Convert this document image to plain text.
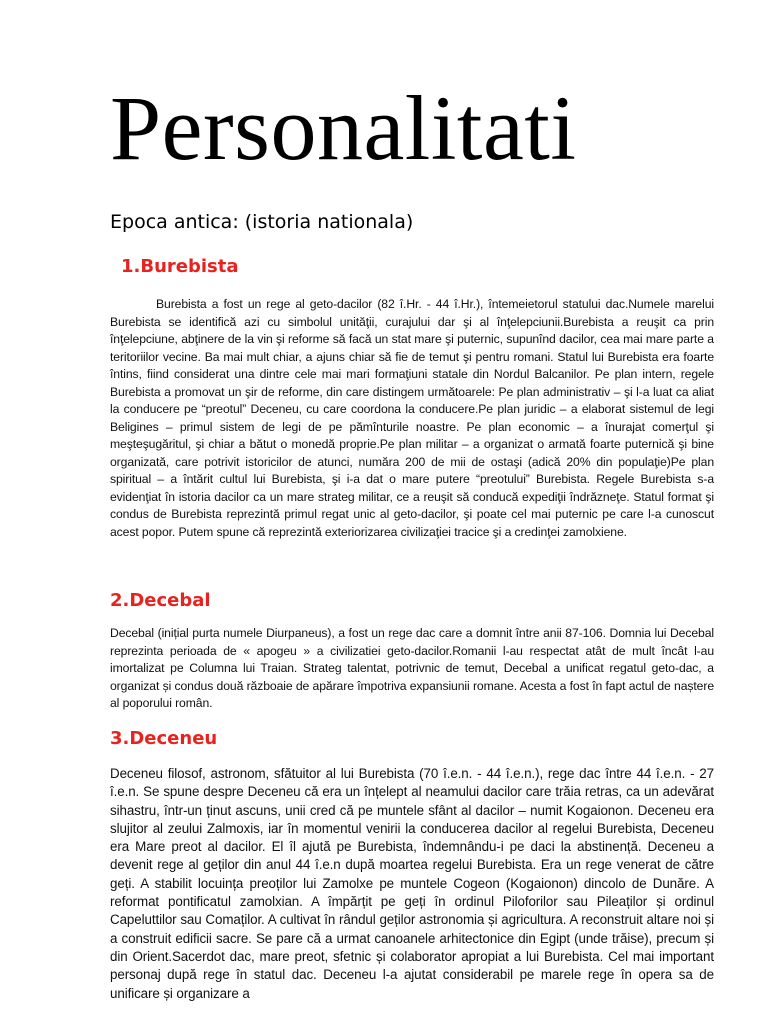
Personalitati
Epoca antica: (istoria nationala)
1.Burebista

Burebista a fost un rege al geto-dacilor (82 î.Hr. - 44 î.Hr.), întemeietorul statului dac.Numele marelui Burebista se identifică azi cu simbolul unităţii, curajului dar şi al înţelepciunii.Burebista a reuşit ca prin înţelepciune, abţinere de la vin şi reforme să facă un stat mare şi puternic, supunînd dacilor, cea mai mare parte a teritoriilor vecine. Ba mai mult chiar, a ajuns chiar să fie de temut şi pentru romani. Statul lui Burebista era foarte întins, fiind considerat una dintre cele mai mari formaţiuni statale din Nordul Balcanilor. Pe plan intern, regele Burebista a promovat un şir de reforme, din care distingem următoarele: Pe plan administrativ – şi l-a luat ca aliat la conducere pe “preotul” Deceneu, cu care coordona la conducere.Pe plan juridic – a elaborat sistemul de legi Beligines – primul sistem de legi de pe pămînturile noastre. Pe plan economic – a înurajat comerţul şi meşteşugăritul, şi chiar a bătut o monedă proprie.Pe plan militar – a organizat o armată foarte puternică şi bine organizată, care potrivit istoricilor de atunci, număra 200 de mii de ostaşi (adică 20% din populaţie)Pe plan spiritual – a întărit cultul lui Burebista, şi i-a dat o mare putere “preotului” Burebista. Regele Burebista s-a evidenţiat în istoria dacilor ca un mare strateg militar, ce a reuşit să conducă expediţii îndrăzneţe. Statul format şi condus de Burebista reprezintă primul regat unic al geto-dacilor, şi poate cel mai puternic pe care l-a cunoscut acest popor. Putem spune că reprezintă exteriorizarea civilizaţiei tracice şi a credinţei zamolxiene.

2.Decebal

Decebal (inițial purta numele Diurpaneus), a fost un rege dac care a domnit între anii 87-106. Domnia lui Decebal reprezinta perioada de « apogeu » a civilizatiei geto-dacilor.Romanii l-au respectat atât de mult încât l-au imortalizat pe Columna lui Traian. Strateg talentat, potrivnic de temut, Decebal a unificat regatul geto-dac, a organizat și condus două războaie de apărare împotriva expansiunii romane. Acesta a fost în fapt actul de naștere al poporului român.

3.Deceneu

Deceneu filosof, astronom, sfătuitor al lui Burebista (70 î.e.n. - 44 î.e.n.), rege dac între 44 î.e.n. - 27 î.e.n. Se spune despre Deceneu că era un înțelept al neamului dacilor care trăia retras, ca un adevărat sihastru, într-un ținut ascuns, unii cred că pe muntele sfânt al dacilor – numit Kogaionon. Deceneu era slujitor al zeului Zalmoxis, iar în momentul venirii la conducerea dacilor al regelui Burebista, Deceneu era Mare preot al dacilor. El îl ajută pe Burebista, îndemnându-i pe daci la abstinență. Deceneu a devenit rege al geților din anul 44 î.e.n după moartea regelui Burebista. Era un rege venerat de către geți. A stabilit locuința preoților lui Zamolxe pe muntele Cogeon (Kogaionon) dincolo de Dunăre. A reformat pontificatul zamolxian. A împărțit pe geți în ordinul Piloforilor sau Pileaților și ordinul Capeluttilor sau Comaților. A cultivat în rândul geților astronomia și agricultura. A reconstruit altare noi și a construit edificii sacre. Se pare că a urmat canoanele arhitectonice din Egipt (unde trăise), precum și din Orient.Sacerdot dac, mare preot, sfetnic și colaborator apropiat a lui Burebista. Cel mai important personaj după rege în statul dac. Deceneu l-a ajutat considerabil pe marele rege în opera sa de unificare și organizare a
